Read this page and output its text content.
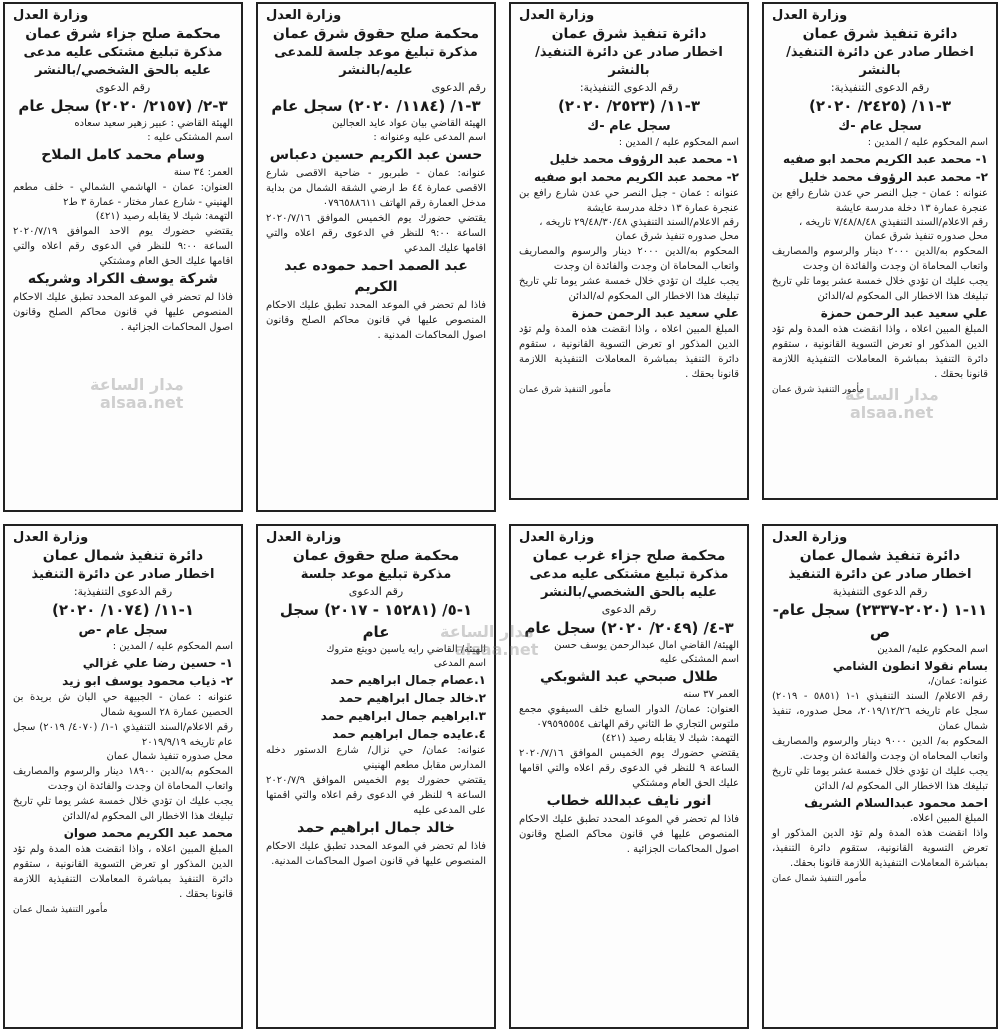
وزارة العدل
محكمة صلح جزاء شرق عمان
مذكرة تبليغ مشتكى عليه مدعى عليه بالحق الشخصي/بالنشر
رقم الدعوى
٣-٢/ (٢١٥٧/ ٢٠٢٠) سجل عام
الهيئة القاضي : عبير زهير سعيد سعاده
اسم المشتكى عليه :
وسام محمد كامل الملاح
العمر: ٣٤ سنة
العنوان: عمان - الهاشمي الشمالي - خلف مطعم الهنيني - شارع عمار مختار - عمارة ٣ ط٢
التهمة: شيك لا يقابله رصيد (٤٢١)
يقتضي حضورك يوم الاحد الموافق ٢٠٢٠/٧/١٩ الساعة ٩:٠٠ للنظر في الدعوى رقم اعلاه والتي اقامها عليك الحق العام ومشتكي
شركة يوسف الكراد وشريكه
فاذا لم تحضر في الموعد المحدد تطبق عليك الاحكام المنصوص عليها في قانون محاكم الصلح وقانون اصول المحاكمات الجزائية .
وزارة العدل
محكمة صلح حقوق شرق عمان
مذكرة تبليغ موعد جلسة للمدعى عليه/بالنشر
رقم الدعوى
٣-١/ (١١٨٤/ ٢٠٢٠) سجل عام
الهيئة القاضي بيان عواد عايد العجالين
اسم المدعى عليه وعنوانه :
حسن عبد الكريم حسين دعباس
عنوانه: عمان - طبربور - ضاحية الاقصى شارع الاقصى عمارة ٤٤ ط ارضي الشقة الشمال من بداية مدخل العمارة رقم الهاتف ٠٧٩٦٥٨٨٦١١
يقتضي حضورك يوم الخميس الموافق ٢٠٢٠/٧/١٦ الساعة ٩:٠٠ للنظر في الدعوى رقم اعلاه والتي اقامها عليك المدعي
عبد الصمد احمد حموده عبد الكريم
فاذا لم تحضر في الموعد المحدد تطبق عليك الاحكام المنصوص عليها في قانون محاكم الصلح وقانون اصول المحاكمات المدنية .
وزارة العدل
دائرة تنفيذ شرق عمان
اخطار صادر عن دائرة التنفيذ/بالنشر
رقم الدعوى التنفيذية:
٣-١١/ (٢٥٢٣/ ٢٠٢٠)
سجل عام -ك
اسم المحكوم عليه / المدين :
١- محمد عبد الرؤوف محمد خليل
٢- محمد عبد الكريم محمد ابو صفيه
عنوانه : عمان - جبل النصر حي عدن شارع رافع بن عنجرة عمارة ١٣ دخلة مدرسة عايشة
رقم الاعلام/السند التنفيذي ٢٩/٤٨/٣٠/٤٨ تاريخه ،
محل صدوره تنفيذ شرق عمان
المحكوم به/الدين ٢٠٠٠ دينار والرسوم والمصاريف واتعاب المحاماة ان وجدت والفائدة ان وجدت
يجب عليك ان تؤدي خلال خمسة عشر يوما تلي تاريخ تبليغك هذا الاخطار الى المحكوم له/الدائن
علي سعيد عبد الرحمن حمزة
المبلغ المبين اعلاه ، واذا انقضت هذه المدة ولم تؤد الدين المذكور او تعرض التسوية القانونية ، ستقوم دائرة التنفيذ بمباشرة المعاملات التنفيذية اللازمة قانونا بحقك .
مأمور التنفيذ شرق عمان
وزارة العدل
دائرة تنفيذ شرق عمان
اخطار صادر عن دائرة التنفيذ/بالنشر
رقم الدعوى التنفيذية:
٣-١١/ (٢٤٢٥/ ٢٠٢٠)
سجل عام -ك
اسم المحكوم عليه / المدين :
١- محمد عبد الكريم محمد ابو صفيه
٢- محمد عبد الرؤوف محمد خليل
عنوانه : عمان - جبل النصر حي عدن شارع رافع بن عنجرة عمارة ١٣ دخلة مدرسة عايشة
رقم الاعلام/السند التنفيذي ٧/٤٨/٨/٤٨ تاريخه ،
محل صدوره تنفيذ شرق عمان
المحكوم به/الدين ٢٠٠٠ دينار والرسوم والمصاريف واتعاب المحاماة ان وجدت والفائدة ان وجدت
يجب عليك ان تؤدي خلال خمسة عشر يوما تلي تاريخ تبليغك هذا الاخطار الى المحكوم له/الدائن
علي سعيد عبد الرحمن حمزة
المبلغ المبين اعلاه ، واذا انقضت هذه المدة ولم تؤد الدين المذكور او تعرض التسوية القانونية ، ستقوم دائرة التنفيذ بمباشرة المعاملات التنفيذية اللازمة قانونا بحقك .
مأمور التنفيذ شرق عمان
وزارة العدل
دائرة تنفيذ شمال عمان
اخطار صادر عن دائرة التنفيذ
رقم الدعوى التنفيذية:
١-١١/ (١٠٧٤/ ٢٠٢٠)
سجل عام -ص
اسم المحكوم عليه / المدين :
١- حسين رضا علي غزالي
٢- ذياب محمود يوسف ابو زيد
عنوانه : عمان - الجبيهة حي البان ش بريدة بن الحصين عمارة ٢٨ السوية شمال
رقم الاعلام/السند التنفيذي ١-١/ (٤٠٧٠/ ٢٠١٩) سجل عام تاريخه ٢٠١٩/٩/١٩
محل صدوره تنفيذ شمال عمان
المحكوم به/الدين ١٨٩٠٠ دينار والرسوم والمصاريف واتعاب المحاماة ان وجدت والفائدة ان وجدت
يجب عليك ان تؤدي خلال خمسة عشر يوما تلي تاريخ تبليغك هذا الاخطار الى المحكوم له/الدائن
محمد عبد الكريم محمد صوان
المبلغ المبين اعلاه ، واذا انقضت هذه المدة ولم تؤد الدين المذكور او تعرض التسوية القانونية ، ستقوم دائرة التنفيذ بمباشرة المعاملات التنفيذية اللازمة قانونا بحقك .
مأمور التنفيذ شمال عمان
وزارة العدل
محكمة صلح حقوق عمان
مذكرة تبليغ موعد جلسة
رقم الدعوى
١-٥/ (١٥٢٨١ - ٢٠١٧) سجل عام
الهيئة/ القاضي رايه ياسين دويتع متروك
اسم المدعى
١.عصام جمال ابراهيم حمد
٢.خالد جمال ابراهيم حمد
٣.ابراهيم جمال ابراهيم حمد
٤.عايده جمال ابراهيم حمد
عنوانه: عمان/ حي نزال/ شارع الدستور دخله المدارس مقابل مطعم الهنيني
يقتضي حضورك يوم الخميس الموافق ٢٠٢٠/٧/٩ الساعة ٩ للنظر في الدعوى رقم اعلاه والتي اقمتها على المدعى عليه
خالد جمال ابراهيم حمد
فاذا لم تحضر في الموعد المحدد تطبق عليك الاحكام المنصوص عليها في قانون اصول المحاكمات المدنية.
وزارة العدل
محكمة صلح جزاء غرب عمان
مذكرة تبليغ مشتكى عليه مدعى عليه بالحق الشخصي/بالنشر
رقم الدعوى
٣-٤/ (٢٠٤٩/ ٢٠٢٠) سجل عام
الهيئة/ القاضي امال عبدالرحمن يوسف حسن
اسم المشتكى عليه
طلال صبحي عبد الشوبكي
العمر ٣٧ سنه
العنوان: عمان/ الدوار السابع خلف السيفوي مجمع ملتوس التجاري ط الثاني رقم الهاتف ٠٧٩٥٩٥٥٥٤
التهمة: شيك لا يقابله رصيد (٤٢١)
يقتضي حضورك يوم الخميس الموافق ٢٠٢٠/٧/١٦ الساعة ٩ للنظر في الدعوى رقم اعلاه والتي اقامها عليك الحق العام ومشتكي
انور نايف عبدالله خطاب
فاذا لم تحضر في الموعد المحدد تطبق عليك الاحكام المنصوص عليها في قانون محاكم الصلح وقانون اصول المحاكمات الجزائية .
وزارة العدل
دائرة تنفيذ شمال عمان
اخطار صادر عن دائرة التنفيذ
رقم الدعوى التنفيذية
١١-١ (٢٠٢٠-٢٣٣٧) سجل عام-ص
اسم المحكوم عليه/ المدين
بسام نقولا انطون الشامي
عنوانه: عمان/،
رقم الاعلام/ السند التنفيذي ١-١ (٥٨٥١ - ٢٠١٩) سجل عام تاريخه ٢٠١٩/١٢/٢٦، محل صدوره، تنفيذ شمال عمان
المحكوم به/ الدين ٩٠٠٠ دينار والرسوم والمصاريف واتعاب المحاماه ان وجدت والفائدة ان وجدت.
يجب عليك ان تؤدي خلال خمسة عشر يوما تلي تاريخ تبليغك هذا الاخطار الى المحكوم له/ الدائن
احمد محمود عبدالسلام الشريف
المبلغ المبين اعلاه.
واذا انقضت هذه المدة ولم تؤد الدين المذكور او تعرض التسوية القانونية، ستقوم دائرة التنفيذ، بمباشرة المعاملات التنفيذية اللازمة قانونا بحقك.
مأمور التنفيذ شمال عمان
مدار الساعة
alsaa.net	مدار الساعة
alsaa.net
مدار الساعة
alsaa.net
